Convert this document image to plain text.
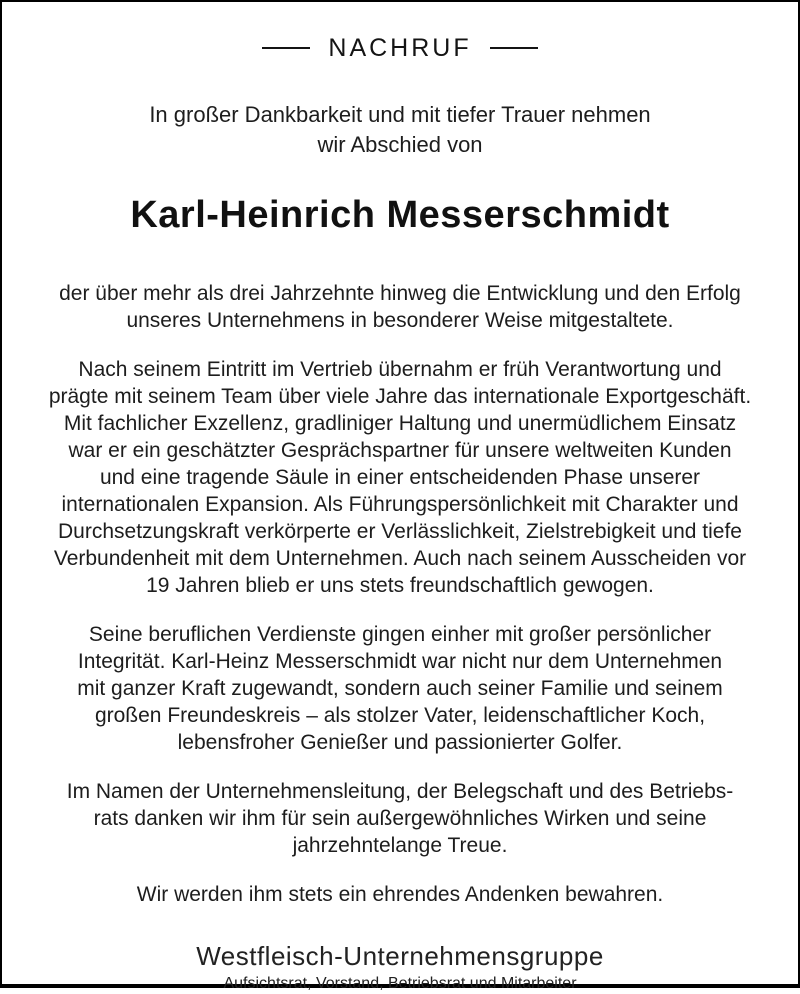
NACHRUF
In großer Dankbarkeit und mit tiefer Trauer nehmen
wir Abschied von
Karl-Heinrich Messerschmidt
der über mehr als drei Jahrzehnte hinweg die Entwicklung und den Erfolg
unseres Unternehmens in besonderer Weise mitgestaltete.
Nach seinem Eintritt im Vertrieb übernahm er früh Verantwortung und
prägte mit seinem Team über viele Jahre das internationale Exportgeschäft.
Mit fachlicher Exzellenz, gradliniger Haltung und unermüdlichem Einsatz
war er ein geschätzter Gesprächspartner für unsere weltweiten Kunden
und eine tragende Säule in einer entscheidenden Phase unserer
internationalen Expansion. Als Führungspersönlichkeit mit Charakter und
Durchsetzungskraft verkörperte er Verlässlichkeit, Zielstrebigkeit und tiefe
Verbundenheit mit dem Unternehmen. Auch nach seinem Ausscheiden vor
19 Jahren blieb er uns stets freundschaftlich gewogen.
Seine beruflichen Verdienste gingen einher mit großer persönlicher
Integrität. Karl-Heinz Messerschmidt war nicht nur dem Unternehmen
mit ganzer Kraft zugewandt, sondern auch seiner Familie und seinem
großen Freundeskreis – als stolzer Vater, leidenschaftlicher Koch,
lebensfroher Genießer und passionierter Golfer.
Im Namen der Unternehmensleitung, der Belegschaft und des Betriebs-
rats danken wir ihm für sein außergewöhnliches Wirken und seine
jahrzehntelange Treue.
Wir werden ihm stets ein ehrendes Andenken bewahren.
Westfleisch-Unternehmensgruppe
Aufsichtsrat, Vorstand, Betriebsrat und Mitarbeiter
